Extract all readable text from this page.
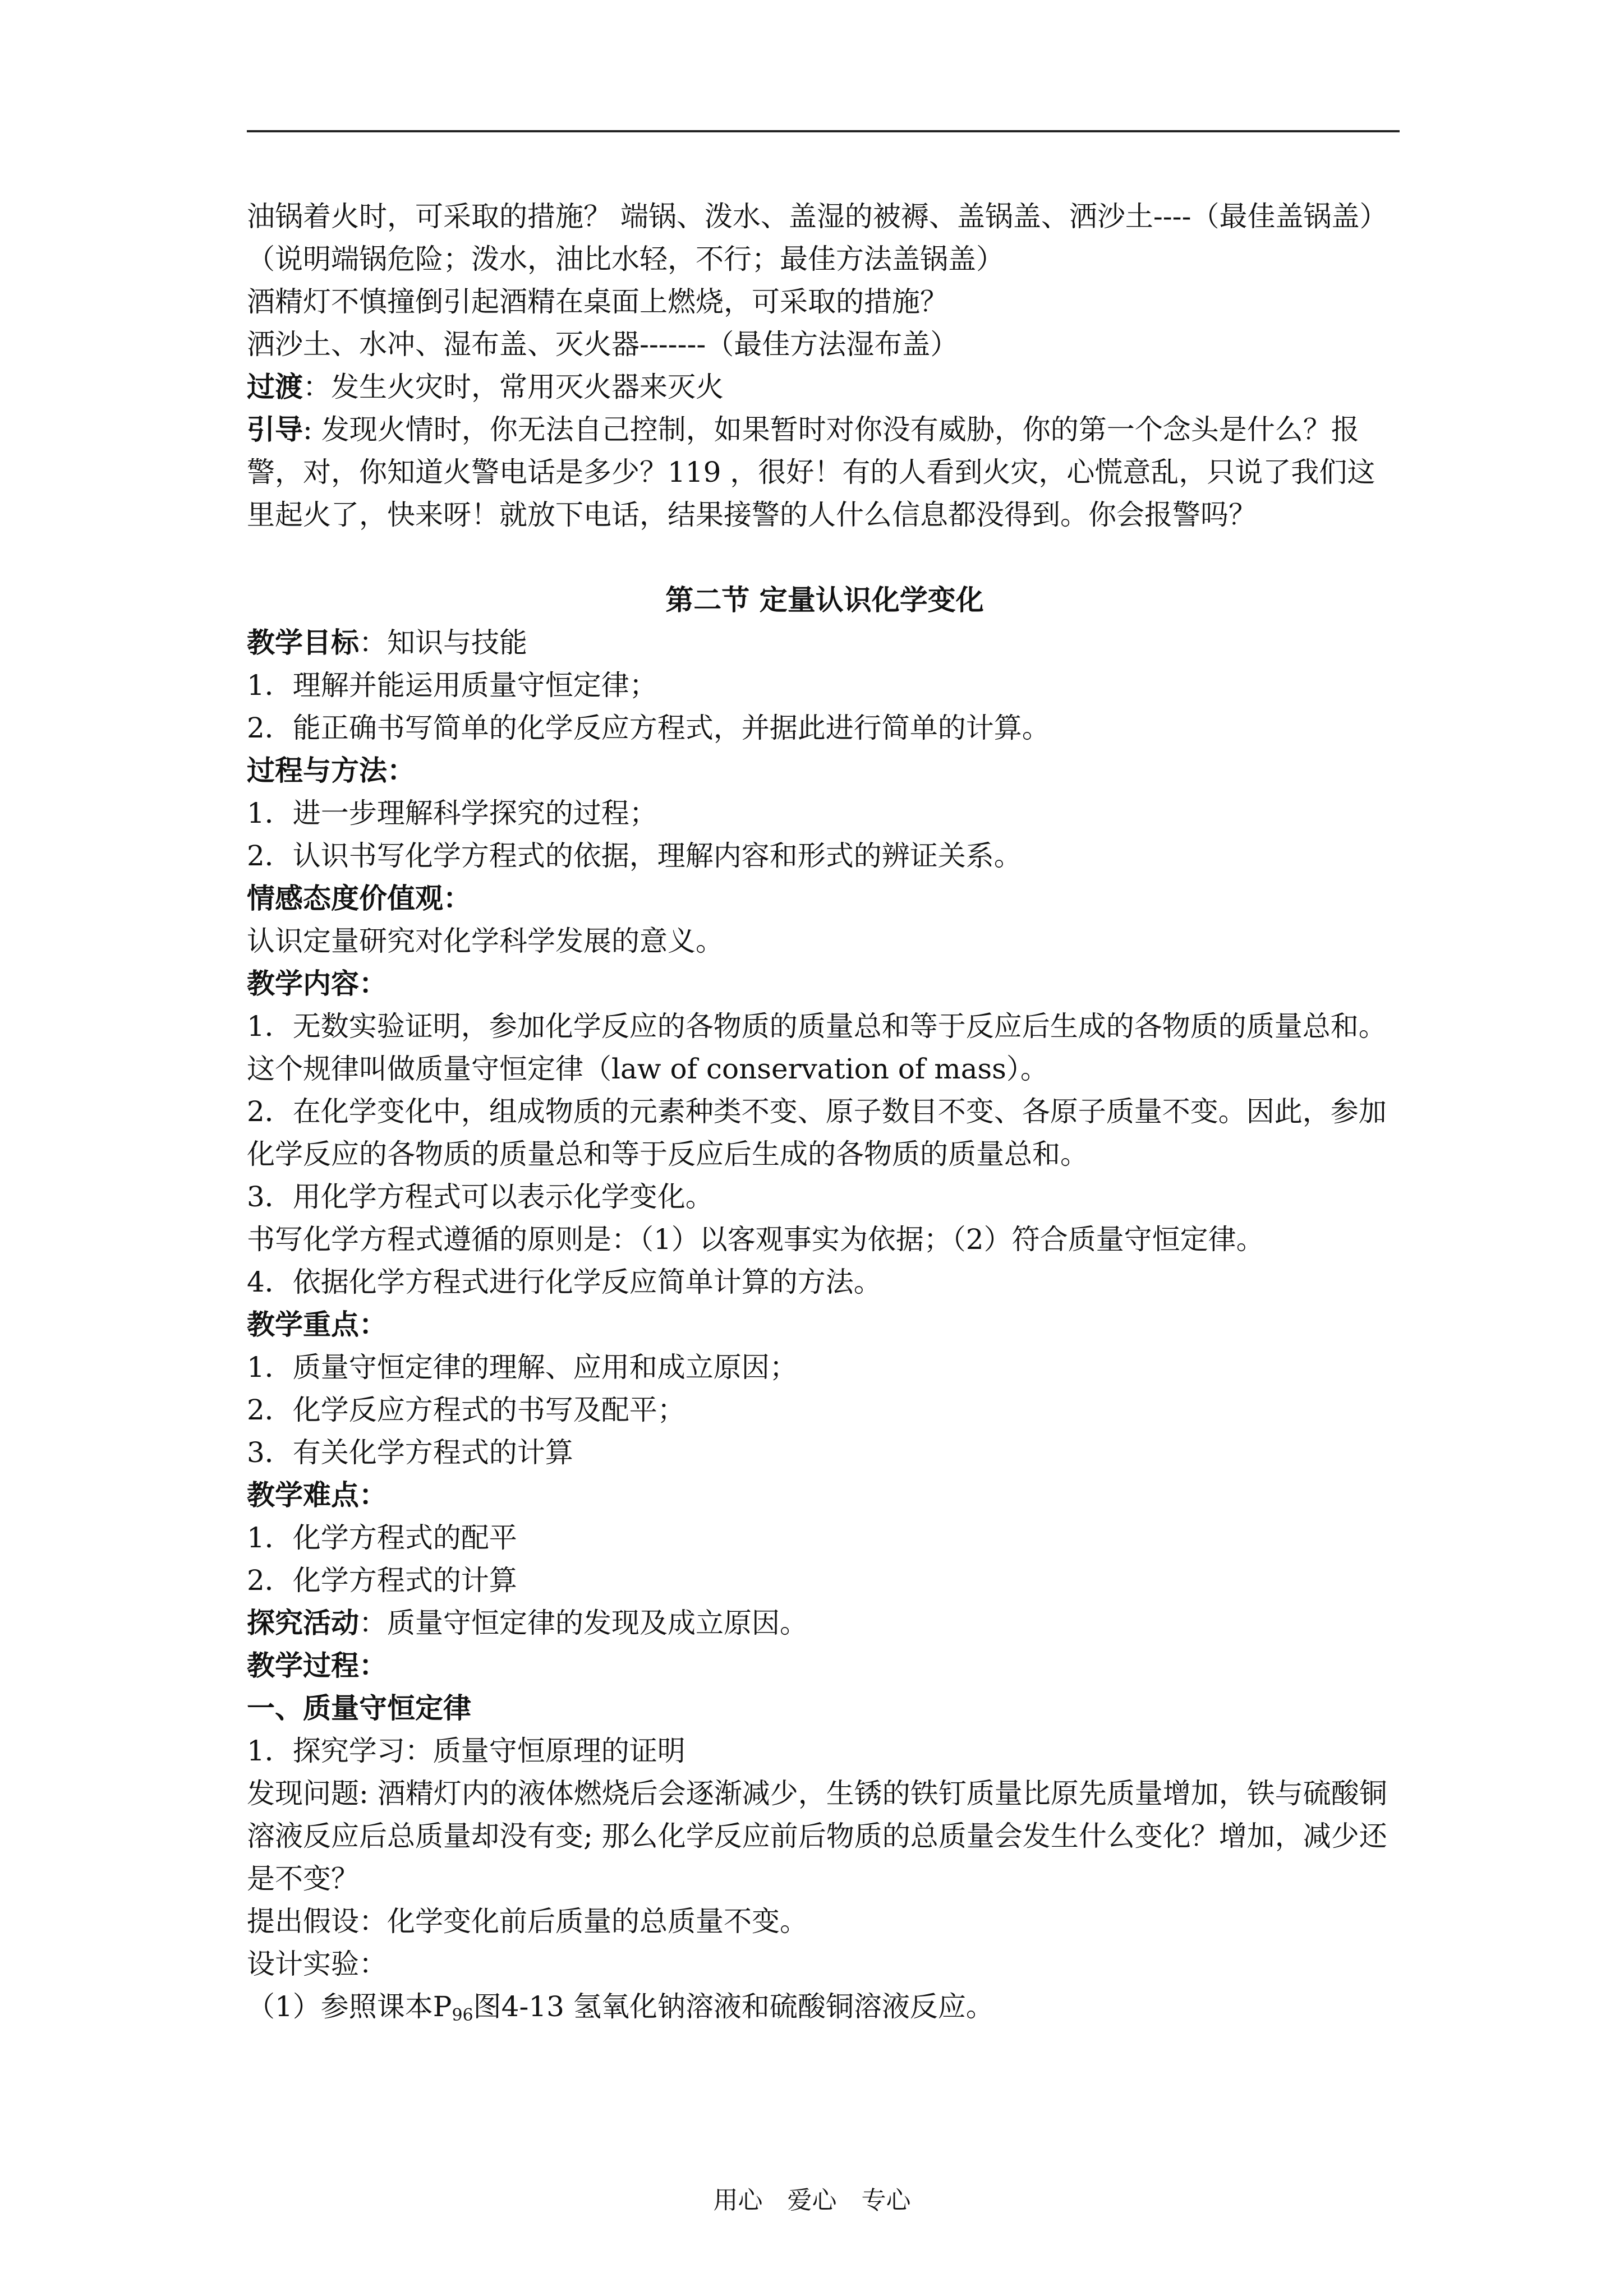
油锅着火时，可采取的措施？ 端锅、泼水、盖湿的被褥、盖锅盖、洒沙土----（最佳盖锅盖）
（说明端锅危险；泼水，油比水轻，不行；最佳方法盖锅盖）
酒精灯不慎撞倒引起酒精在桌面上燃烧，可采取的措施？
洒沙土、水冲、湿布盖、灭火器-------（最佳方法湿布盖）
过渡：发生火灾时，常用灭火器来灭火
引导: 发现火情时，你无法自己控制，如果暂时对你没有威胁，你的第一个念头是什么？报警，对，你知道火警电话是多少？119 ，很好！有的人看到火灾，心慌意乱，只说了我们这里起火了，快来呀！就放下电话，结果接警的人什么信息都没得到。你会报警吗？
第二节 定量认识化学变化
教学目标：知识与技能
1．理解并能运用质量守恒定律；
2．能正确书写简单的化学反应方程式，并据此进行简单的计算。
过程与方法：
1．进一步理解科学探究的过程；
2．认识书写化学方程式的依据，理解内容和形式的辨证关系。
情感态度价值观：
认识定量研究对化学科学发展的意义。
教学内容：
1．无数实验证明，参加化学反应的各物质的质量总和等于反应后生成的各物质的质量总和。这个规律叫做质量守恒定律（law of conservation of mass）。
2．在化学变化中，组成物质的元素种类不变、原子数目不变、各原子质量不变。因此，参加化学反应的各物质的质量总和等于反应后生成的各物质的质量总和。
3．用化学方程式可以表示化学变化。
书写化学方程式遵循的原则是：（1）以客观事实为依据；（2）符合质量守恒定律。
4．依据化学方程式进行化学反应简单计算的方法。
教学重点：
1．质量守恒定律的理解、应用和成立原因；
2．化学反应方程式的书写及配平；
3．有关化学方程式的计算
教学难点：
1．化学方程式的配平
2．化学方程式的计算
探究活动：质量守恒定律的发现及成立原因。
教学过程：
一、质量守恒定律
1．探究学习：质量守恒原理的证明
发现问题: 酒精灯内的液体燃烧后会逐渐减少，生锈的铁钉质量比原先质量增加，铁与硫酸铜溶液反应后总质量却没有变; 那么化学反应前后物质的总质量会发生什么变化？增加，减少还是不变？
提出假设：化学变化前后质量的总质量不变。
设计实验：
（1）参照课本$P_{96}$图4-13 氢氧化钠溶液和硫酸铜溶液反应。
用心　爱心　专心
